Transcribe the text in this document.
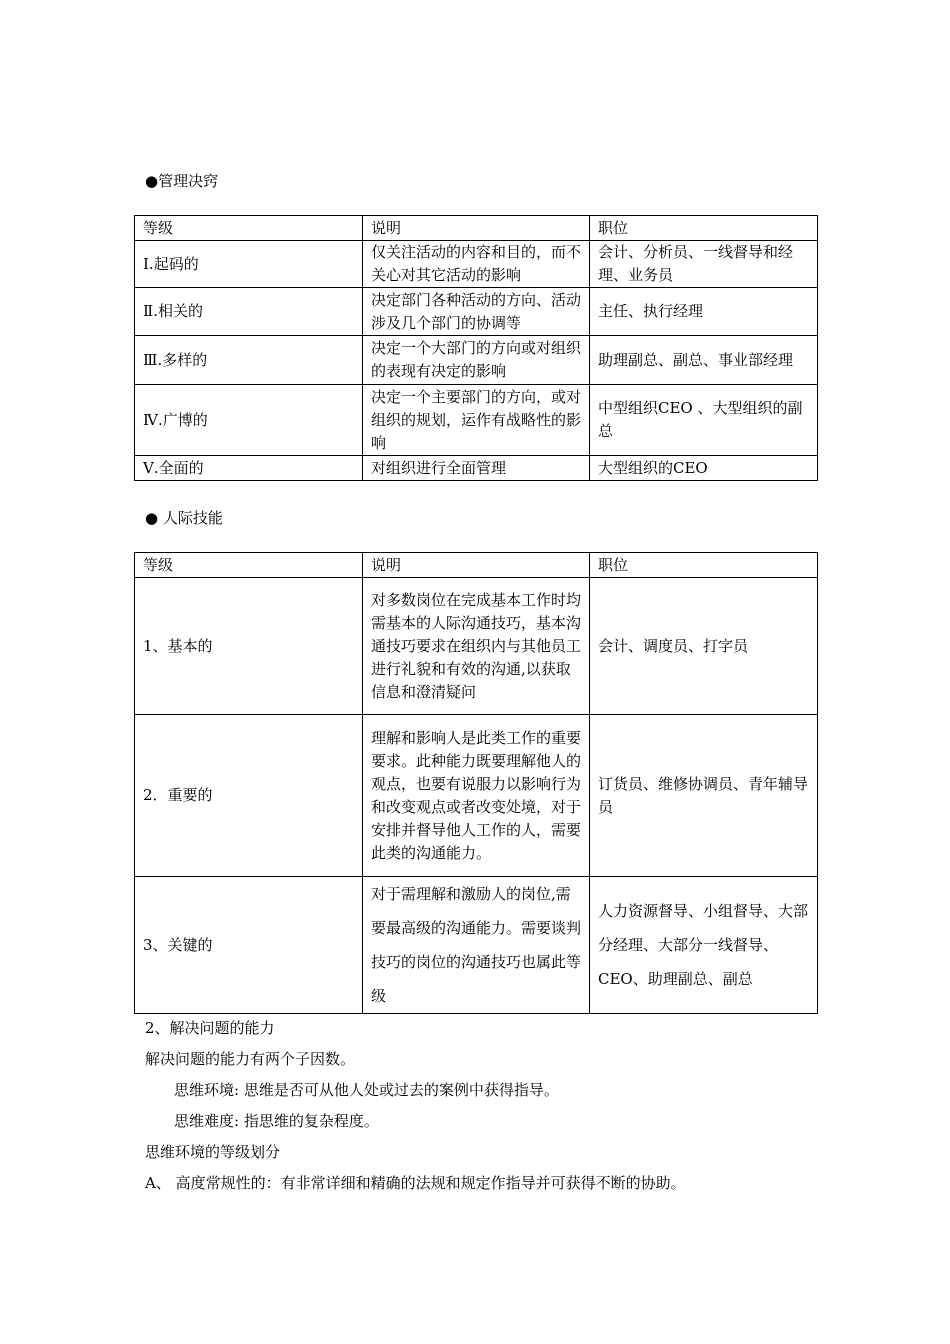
●管理决窍
等级	说明	职位
Ⅰ.起码的	仅关注活动的内容和目的，而不关心对其它活动的影响	会计、分析员、一线督导和经理、业务员
Ⅱ.相关的	决定部门各种活动的方向、活动涉及几个部门的协调等	主任、执行经理
Ⅲ.多样的	决定一个大部门的方向或对组织的表现有决定的影响	助理副总、副总、事业部经理
Ⅳ.广博的	决定一个主要部门的方向，或对组织的规划，运作有战略性的影响	中型组织CEO 、大型组织的副总
Ⅴ.全面的	对组织进行全面管理	大型组织的CEO
● 人际技能
等级	说明	职位
1、基本的	对多数岗位在完成基本工作时均需基本的人际沟通技巧，基本沟通技巧要求在组织内与其他员工进行礼貌和有效的沟通,以获取信息和澄清疑问	会计、调度员、打字员
2．重要的	理解和影响人是此类工作的重要要求。此种能力既要理解他人的观点，也要有说服力以影响行为和改变观点或者改变处境，对于安排并督导他人工作的人，需要此类的沟通能力。	订货员、维修协调员、青年辅导员
3、关键的	对于需理解和激励人的岗位,需要最高级的沟通能力。需要谈判技巧的岗位的沟通技巧也属此等级	人力资源督导、小组督导、大部分经理、大部分一线督导、CEO、助理副总、副总
2、解决问题的能力
解决问题的能力有两个子因数。
思维环境: 思维是否可从他人处或过去的案例中获得指导。
思维难度: 指思维的复杂程度。
思维环境的等级划分
A、 高度常规性的：有非常详细和精确的法规和规定作指导并可获得不断的协助。
